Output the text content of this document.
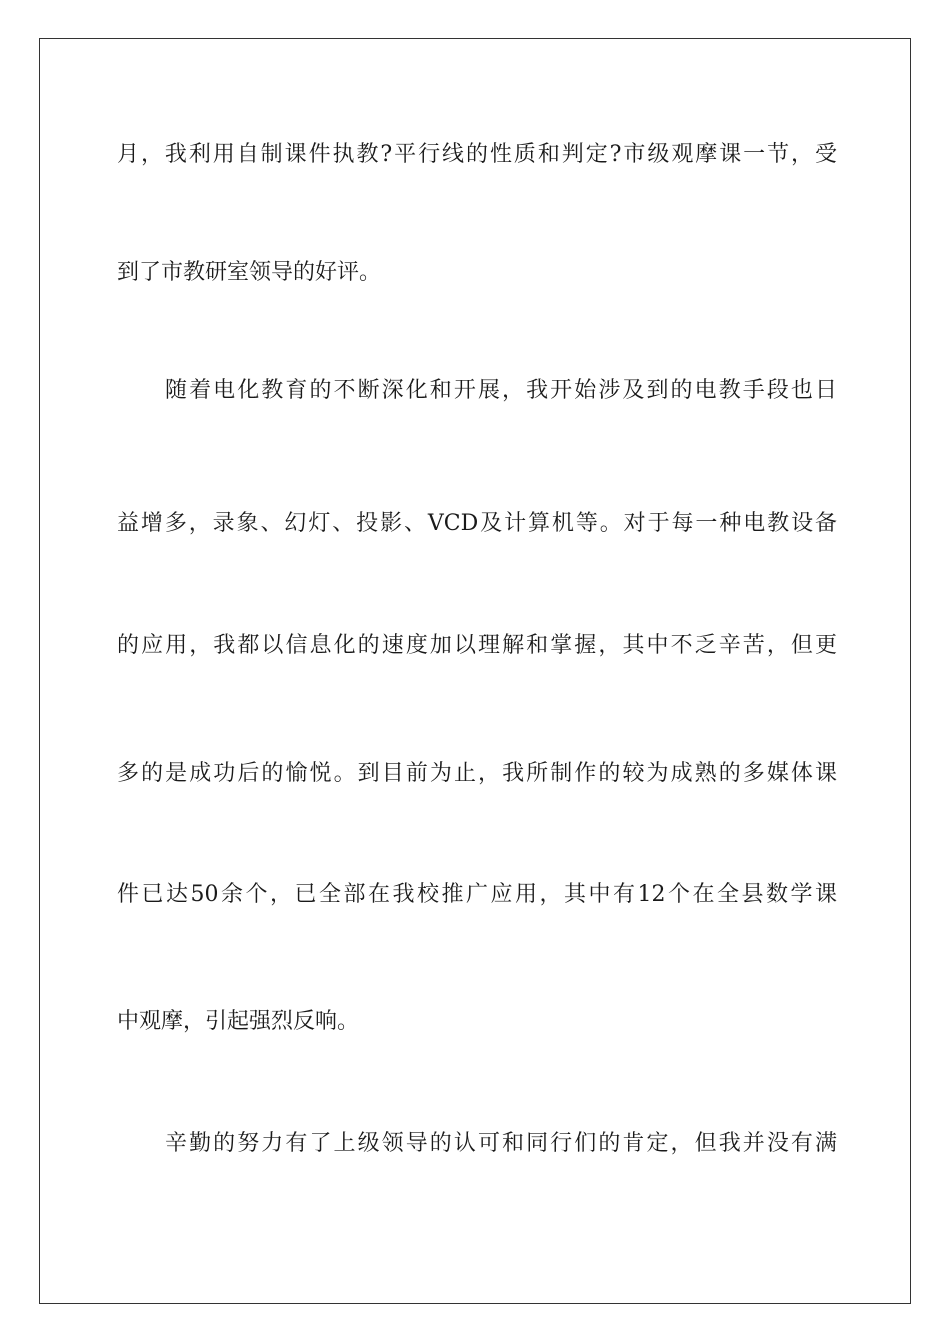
月，我利用自制课件执教?平行线的性质和判定?市级观摩课一节，受

到了市教研室领导的好评。

随着电化教育的不断深化和开展，我开始涉及到的电教手段也日

益增多，录象、幻灯、投影、VCD及计算机等。对于每一种电教设备

的应用，我都以信息化的速度加以理解和掌握，其中不乏辛苦，但更

多的是成功后的愉悦。到目前为止，我所制作的较为成熟的多媒体课

件已达50余个，已全部在我校推广应用，其中有12个在全县数学课

中观摩，引起强烈反响。

辛勤的努力有了上级领导的认可和同行们的肯定，但我并没有满
